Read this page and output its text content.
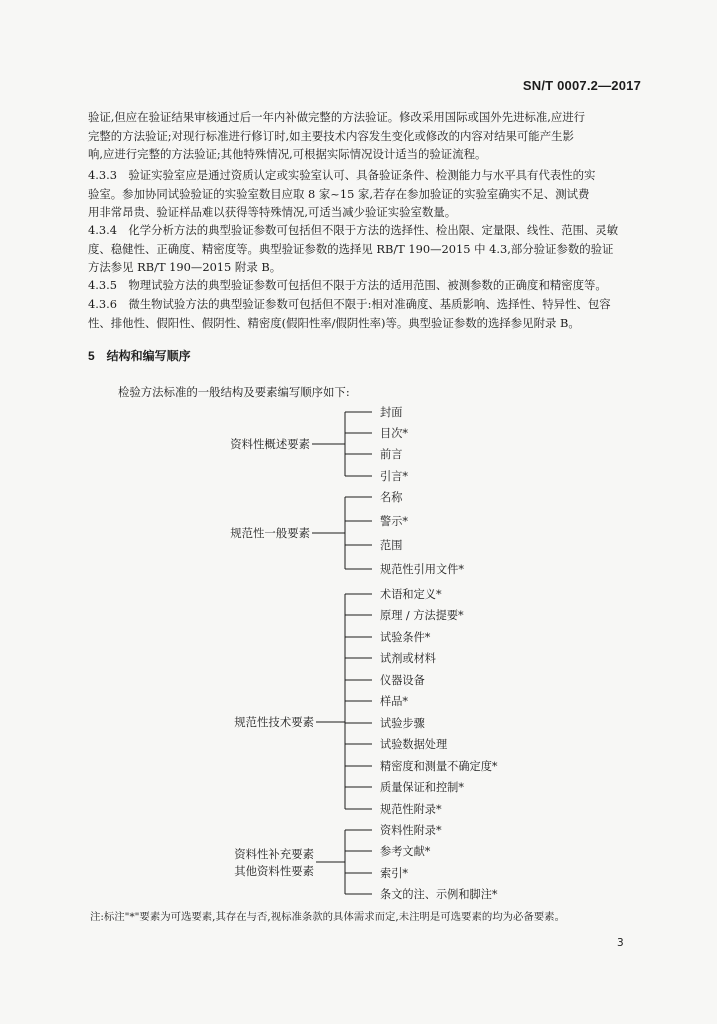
SN/T 0007.2—2017
验证,但应在验证结果审核通过后一年内补做完整的方法验证。修改采用国际或国外先进标准,应进行
完整的方法验证;对现行标准进行修订时,如主要技术内容发生变化或修改的内容对结果可能产生影
响,应进行完整的方法验证;其他特殊情况,可根据实际情况设计适当的验证流程。
4.3.3　验证实验室应是通过资质认定或实验室认可、具备验证条件、检测能力与水平具有代表性的实
验室。参加协同试验验证的实验室数目应取 8 家~15 家,若存在参加验证的实验室确实不足、测试费
用非常昂贵、验证样品难以获得等特殊情况,可适当减少验证实验室数量。
4.3.4　化学分析方法的典型验证参数可包括但不限于方法的选择性、检出限、定量限、线性、范围、灵敏
度、稳健性、正确度、精密度等。典型验证参数的选择见 RB/T 190—2015 中 4.3,部分验证参数的验证
方法参见 RB/T 190—2015 附录 B。
4.3.5　物理试验方法的典型验证参数可包括但不限于方法的适用范围、被测参数的正确度和精密度等。
4.3.6　微生物试验方法的典型验证参数可包括但不限于:相对准确度、基质影响、选择性、特异性、包容
性、排他性、假阳性、假阴性、精密度(假阳性率/假阴性率)等。典型验证参数的选择参见附录 B。
5　结构和编写顺序
检验方法标准的一般结构及要素编写顺序如下:
资料性概述要素
规范性一般要素
规范性技术要素
资料性补充要素
其他资料性要素
封面
目次*
前言
引言*
名称
警示*
范围
规范性引用文件*
术语和定义*
原理 / 方法提要*
试验条件*
试剂或材料
仪器设备
样品*
试验步骤
试验数据处理
精密度和测量不确定度*
质量保证和控制*
规范性附录*
资料性附录*
参考文献*
索引*
条文的注、示例和脚注*
注:标注"*"要素为可选要素,其存在与否,视标准条款的具体需求而定,未注明是可选要素的均为必备要素。
3
